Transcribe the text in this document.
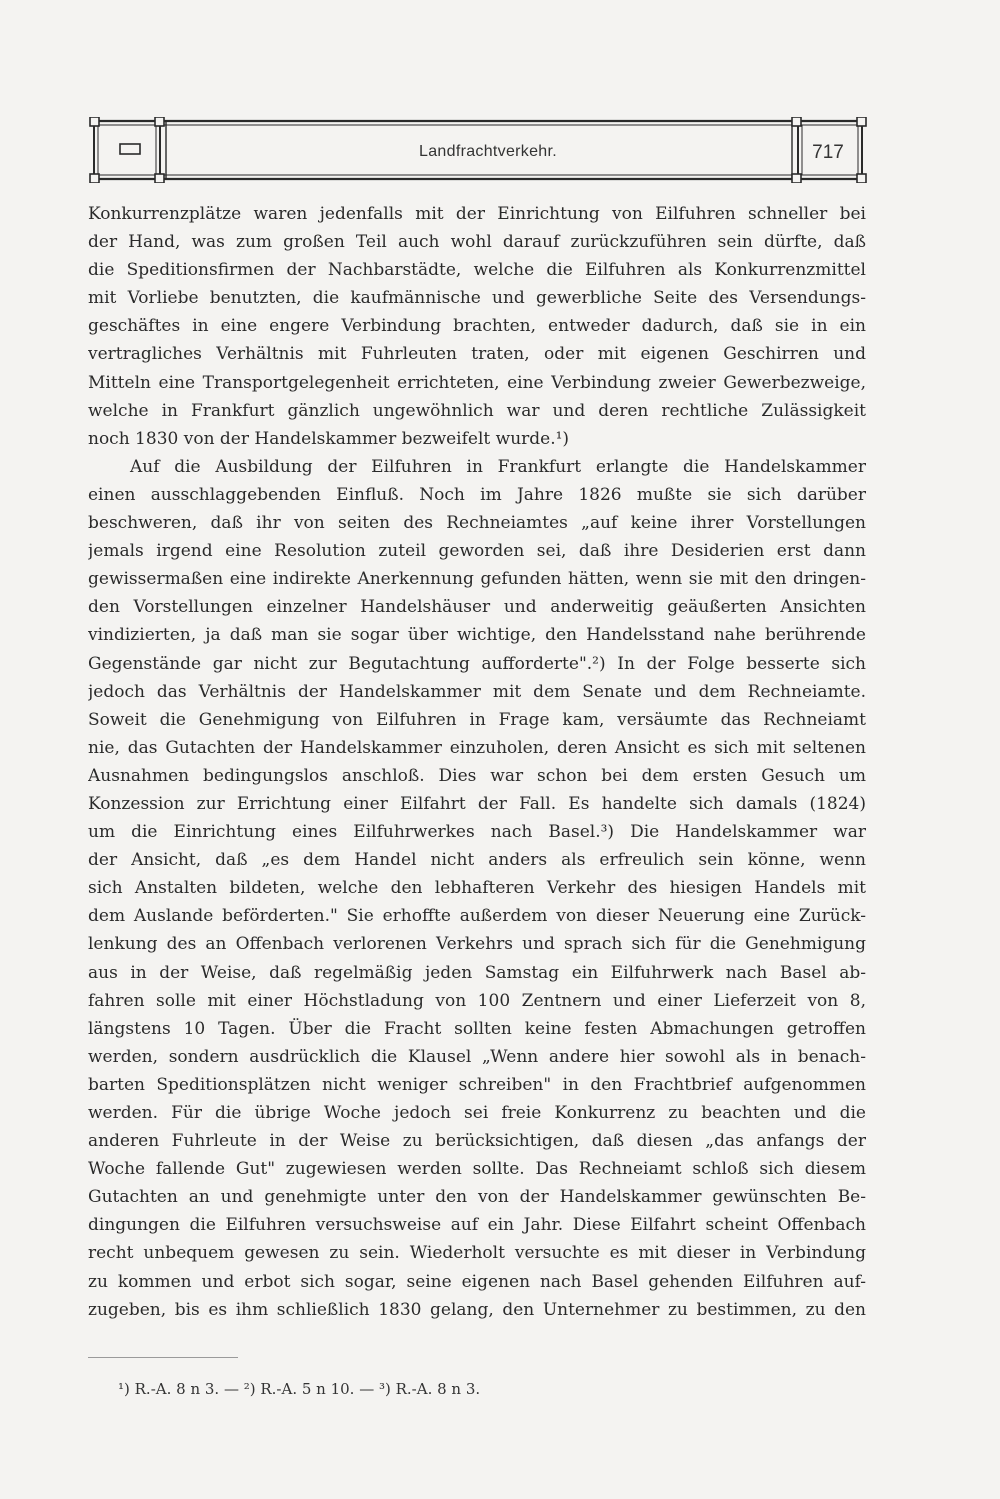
Landfrachtverkehr.	717
Konkurrenzplätze waren jedenfalls mit der Einrichtung von Eilfuhren schneller bei
der Hand, was zum großen Teil auch wohl darauf zurückzuführen sein dürfte, daß
die Speditionsfirmen der Nachbarstädte, welche die Eilfuhren als Konkurrenzmittel
mit Vorliebe benutzten, die kaufmännische und gewerbliche Seite des Versendungs-
geschäftes in eine engere Verbindung brachten, entweder dadurch, daß sie in ein
vertragliches Verhältnis mit Fuhrleuten traten, oder mit eigenen Geschirren und
Mitteln eine Transportgelegenheit errichteten, eine Verbindung zweier Gewerbezweige,
welche in Frankfurt gänzlich ungewöhnlich war und deren rechtliche Zulässigkeit
noch 1830 von der Handelskammer bezweifelt wurde.¹)
Auf die Ausbildung der Eilfuhren in Frankfurt erlangte die Handelskammer
einen ausschlaggebenden Einfluß. Noch im Jahre 1826 mußte sie sich darüber
beschweren, daß ihr von seiten des Rechneiamtes „auf keine ihrer Vorstellungen
jemals irgend eine Resolution zuteil geworden sei, daß ihre Desiderien erst dann
gewissermaßen eine indirekte Anerkennung gefunden hätten, wenn sie mit den dringen-
den Vorstellungen einzelner Handelshäuser und anderweitig geäußerten Ansichten
vindizierten, ja daß man sie sogar über wichtige, den Handelsstand nahe berührende
Gegenstände gar nicht zur Begutachtung aufforderte".²) In der Folge besserte sich
jedoch das Verhältnis der Handelskammer mit dem Senate und dem Rechneiamte.
Soweit die Genehmigung von Eilfuhren in Frage kam, versäumte das Rechneiamt
nie, das Gutachten der Handelskammer einzuholen, deren Ansicht es sich mit seltenen
Ausnahmen bedingungslos anschloß. Dies war schon bei dem ersten Gesuch um
Konzession zur Errichtung einer Eilfahrt der Fall. Es handelte sich damals (1824)
um die Einrichtung eines Eilfuhrwerkes nach Basel.³) Die Handelskammer war
der Ansicht, daß „es dem Handel nicht anders als erfreulich sein könne, wenn
sich Anstalten bildeten, welche den lebhafteren Verkehr des hiesigen Handels mit
dem Auslande beförderten." Sie erhoffte außerdem von dieser Neuerung eine Zurück-
lenkung des an Offenbach verlorenen Verkehrs und sprach sich für die Genehmigung
aus in der Weise, daß regelmäßig jeden Samstag ein Eilfuhrwerk nach Basel ab-
fahren solle mit einer Höchstladung von 100 Zentnern und einer Lieferzeit von 8,
längstens 10 Tagen. Über die Fracht sollten keine festen Abmachungen getroffen
werden, sondern ausdrücklich die Klausel „Wenn andere hier sowohl als in benach-
barten Speditionsplätzen nicht weniger schreiben" in den Frachtbrief aufgenommen
werden. Für die übrige Woche jedoch sei freie Konkurrenz zu beachten und die
anderen Fuhrleute in der Weise zu berücksichtigen, daß diesen „das anfangs der
Woche fallende Gut" zugewiesen werden sollte. Das Rechneiamt schloß sich diesem
Gutachten an und genehmigte unter den von der Handelskammer gewünschten Be-
dingungen die Eilfuhren versuchsweise auf ein Jahr. Diese Eilfahrt scheint Offenbach
recht unbequem gewesen zu sein. Wiederholt versuchte es mit dieser in Verbindung
zu kommen und erbot sich sogar, seine eigenen nach Basel gehenden Eilfuhren auf-
zugeben, bis es ihm schließlich 1830 gelang, den Unternehmer zu bestimmen, zu den
¹) R.-A. 8 n 3. — ²) R.-A. 5 n 10. — ³) R.-A. 8 n 3.
